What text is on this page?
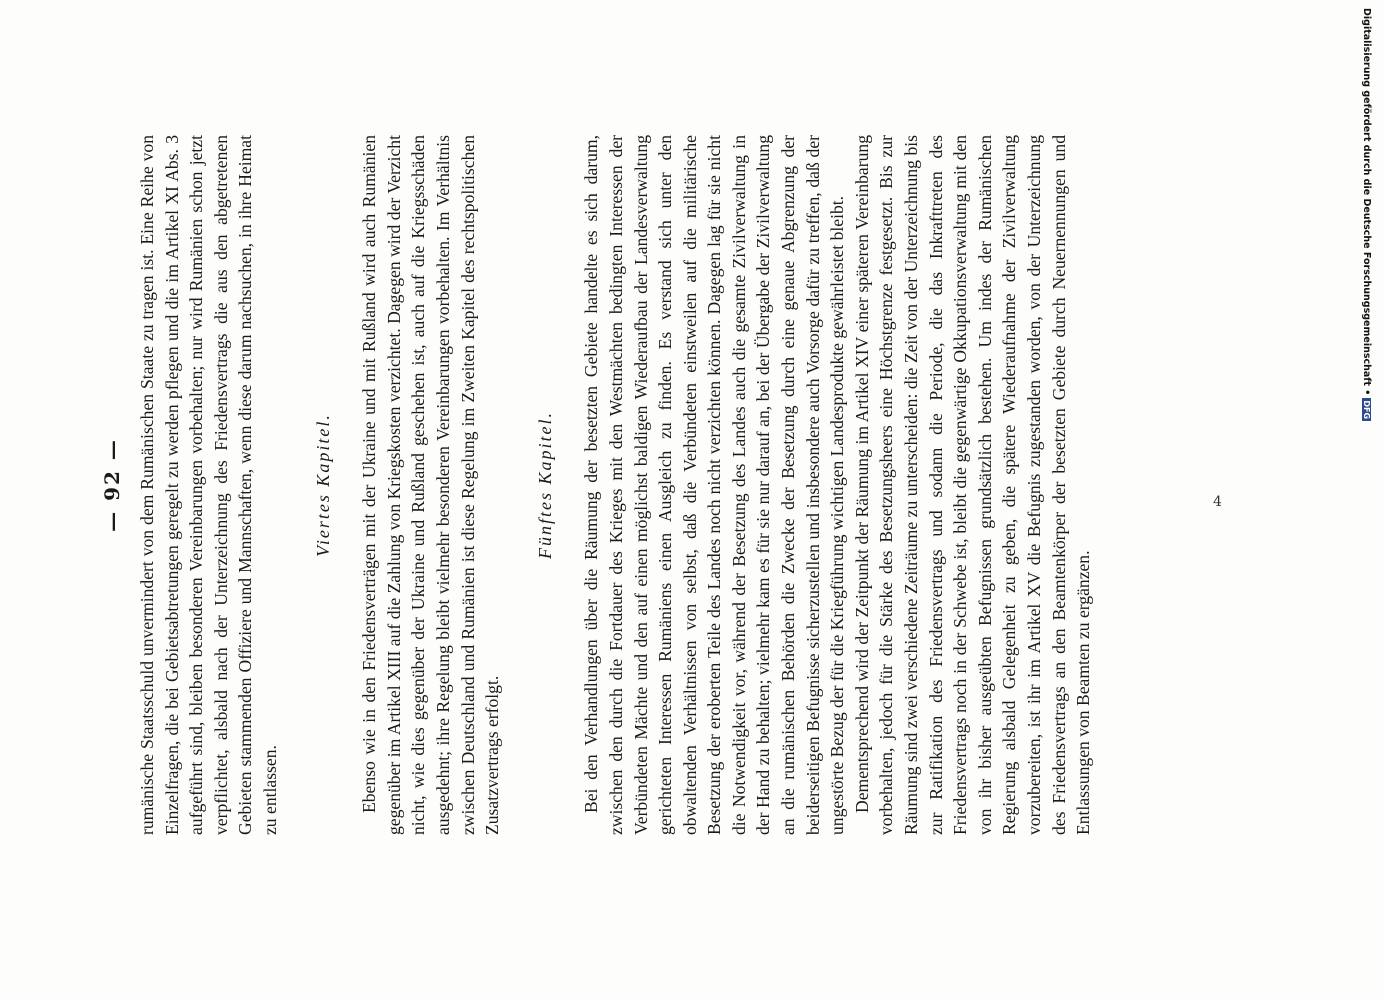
— 92 — rumänische Staatsschuld unvermindert von dem Rumänischen Staate zu tragen ist. Eine Reihe von Einzelfragen, die bei Gebietsabtretungen geregelt zu werden pflegen und die im Artikel XI Abs. 3 aufgeführt sind, bleiben besonderen Vereinbarungen vorbehalten; nur wird Rumänien schon jetzt verpflichtet, alsbald nach der Unterzeichnung des Friedensvertrags die aus den abgetretenen Gebieten stammenden Offiziere und Mannschaften, wenn diese darum nachsuchen, in ihre Heimat zu entlassen.

Viertes Kapitel. Ebenso wie in den Friedensverträgen mit der Ukraine und mit Rußland wird auch Rumänien gegenüber im Artikel XIII auf die Zahlung von Kriegskosten verzichtet. Dagegen wird der Verzicht nicht, wie dies gegenüber der Ukraine und Rußland geschehen ist, auch auf die Kriegsschäden ausgedehnt; ihre Regelung bleibt vielmehr besonderen Vereinbarungen vorbehalten. Im Verhältnis zwischen Deutschland und Rumänien ist diese Regelung im Zweiten Kapitel des rechtspolitischen Zusatzvertrags erfolgt.

Fünftes Kapitel. Bei den Verhandlungen über die Räumung der besetzten Gebiete handelte es sich darum, zwischen den durch die Fortdauer des Krieges mit den Westmächten bedingten Interessen der Verbündeten Mächte und den auf einen möglichst baldigen Wiederaufbau der Landesverwaltung gerichteten Interessen Rumäniens einen Ausgleich zu finden. Es verstand sich unter den obwaltenden Verhältnissen von selbst, daß die Verbündeten einstweilen auf die militärische Besetzung der eroberten Teile des Landes noch nicht verzichten können. Dagegen lag für sie nicht die Notwendigkeit vor, während der Besetzung des Landes auch die gesamte Zivilverwaltung in der Hand zu behalten; vielmehr kam es für sie nur darauf an, bei der Übergabe der Zivilverwaltung an die rumänischen Behörden die Zwecke der Besetzung durch eine genaue Abgrenzung der beiderseitigen Befugnisse sicherzustellen und insbesondere auch Vorsorge dafür zu treffen, daß der ungestörte Bezug der für die Kriegführung wichtigen Landesprodukte gewährleistet bleibt. Dementsprechend wird der Zeitpunkt der Räumung im Artikel XIV einer späteren Vereinbarung vorbehalten, jedoch für die Stärke des Besetzungsheers eine Höchstgrenze festgesetzt. Bis zur Räumung sind zwei verschiedene Zeiträume zu unterscheiden: die Zeit von der Unterzeichnung bis zur Ratifikation des Friedensvertrags und sodann die Periode, die das Inkrafttreten des Friedensvertrags noch in der Schwebe ist, bleibt die gegenwärtige Okkupationsverwaltung mit den von ihr bisher ausgeübten Befugnissen grundsätzlich bestehen. Um indes der Rumänischen Regierung alsbald Gelegenheit zu geben, die spätere Wiederaufnahme der Zivilverwaltung vorzubereiten, ist ihr im Artikel XV die Befugnis zugestanden worden, von der Unterzeichnung des Friedensvertrags an den Beamtenkörper der besetzten Gebiete durch Neuernennungen und Entlassungen von Beamten zu ergänzen.

4
Digitalisierung gefördert durch die Deutsche Forschungsgemeinschaft •DFG
